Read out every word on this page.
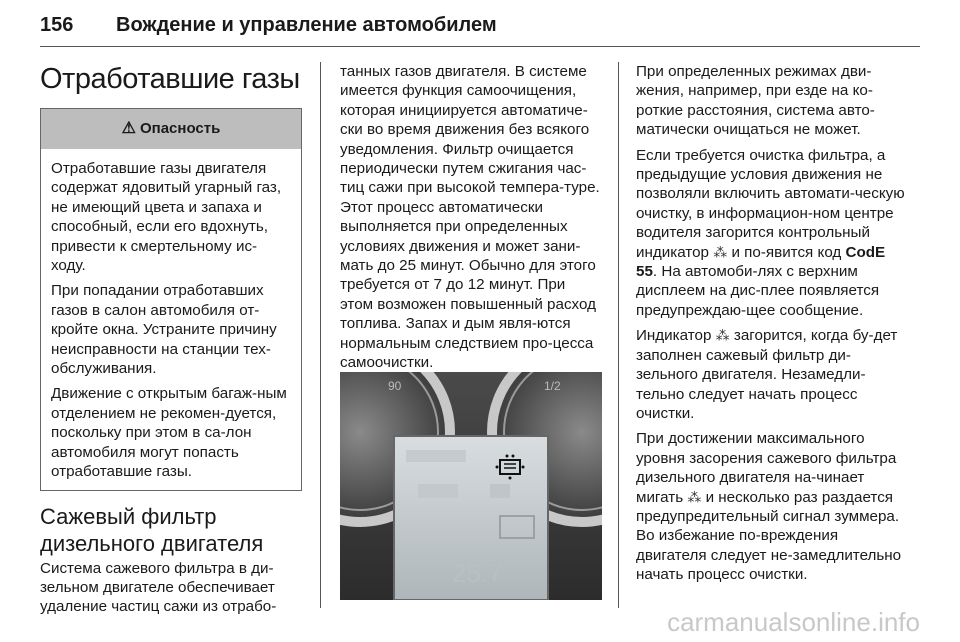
156 Вождение и управление автомобилем
Отработавшие газы
⚠ Опасность

Отработавшие газы двигателя содержат ядовитый угарный газ, не имеющий цвета и запаха и способный, если его вдохнуть, привести к смертельному ис-ходу.

При попадании отработавших газов в салон автомобиля от-кройте окна. Устраните причину неисправности на станции тех-обслуживания.

Движение с открытым багаж-ным отделением не рекомен-дуется, поскольку при этом в са-лон автомобиля могут попасть отработавшие газы.

Сажевый фильтр дизельного двигателя

Система сажевого фильтра в ди-зельном двигателе обеспечивает удаление частиц сажи из отрабо-

танных газов двигателя. В системе имеется функция самоочищения, которая инициируется автоматиче-ски во время движения без всякого уведомления. Фильтр очищается периодически путем сжигания час-тиц сажи при высокой темпера-туре. Этот процесс автоматически выполняется при определенных условиях движения и может зани-мать до 25 минут. Обычно для этого требуется от 7 до 12 минут. При этом возможен повышенный расход топлива. Запах и дым явля-ются нормальным следствием про-цесса самоочистки.

90	1/2
25.7

При определенных режимах дви-жения, например, при езде на ко-роткие расстояния, система авто-матически очищаться не может.

Если требуется очистка фильтра, а предыдущие условия движения не позволяли включить автомати-ческую очистку, в информацион-ном центре водителя загорится контрольный индикатор ⁂ и по-явится код CodE 55. На автомоби-лях с верхним дисплеем на дис-плее появляется предупреждаю-щее сообщение.

Индикатор ⁂ загорится, когда бу-дет заполнен сажевый фильтр ди-зельного двигателя. Незамедли-тельно следует начать процесс очистки.

При достижении максимального уровня засорения сажевого фильтра дизельного двигателя на-чинает мигать ⁂ и несколько раз раздается предупредительный сигнал зуммера. Во избежание по-вреждения двигателя следует не-замедлительно начать процесс очистки.

carmanualsonline.info
